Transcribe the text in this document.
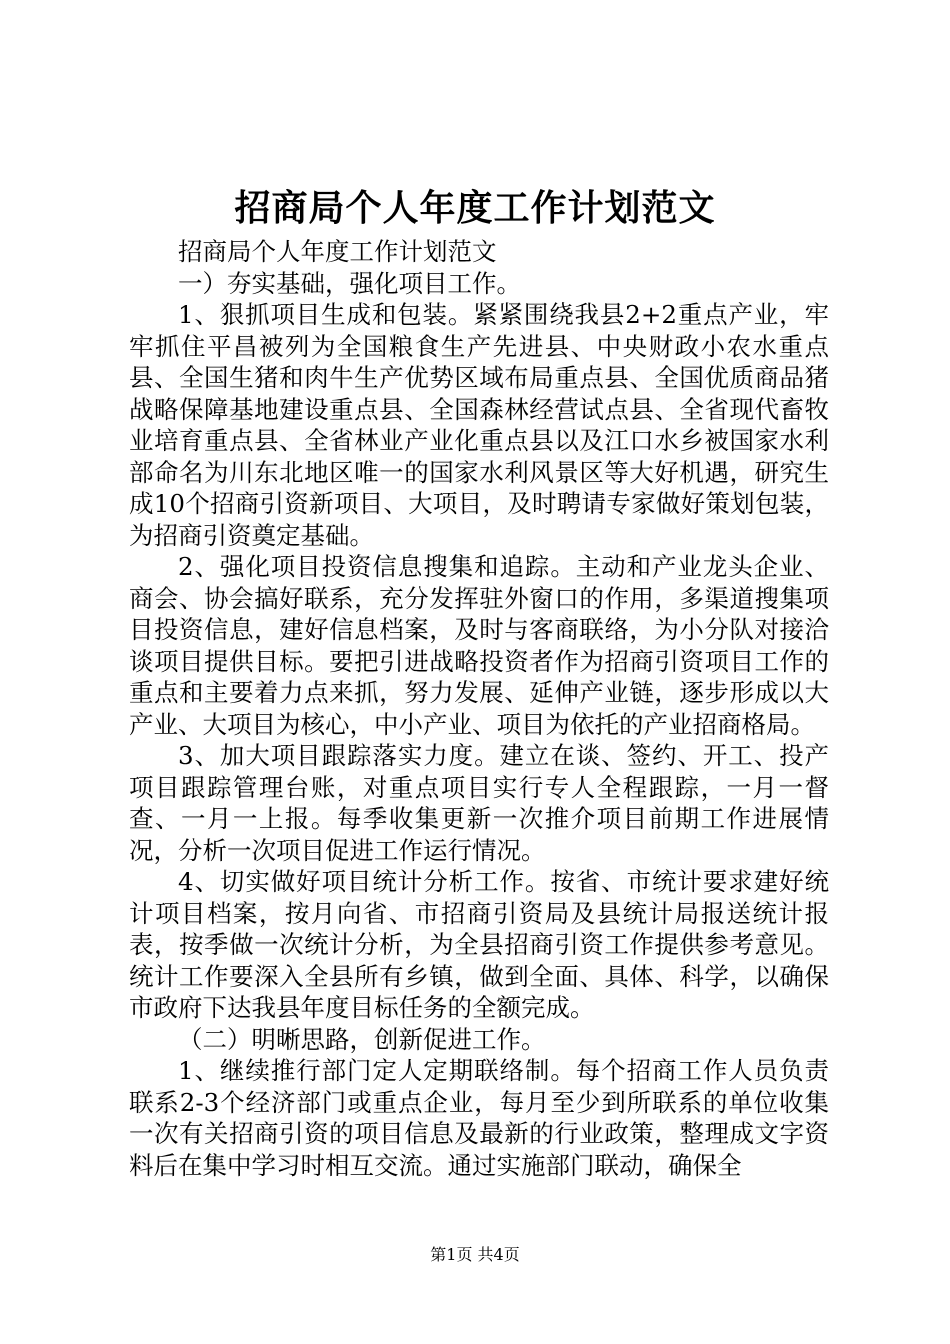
招商局个人年度工作计划范文

招商局个人年度工作计划范文

一）夯实基础，强化项目工作。

1、狠抓项目生成和包装。紧紧围绕我县2+2重点产业，牢牢抓住平昌被列为全国粮食生产先进县、中央财政小农水重点县、全国生猪和肉牛生产优势区域布局重点县、全国优质商品猪战略保障基地建设重点县、全国森林经营试点县、全省现代畜牧业培育重点县、全省林业产业化重点县以及江口水乡被国家水利部命名为川东北地区唯一的国家水利风景区等大好机遇，研究生成10个招商引资新项目、大项目，及时聘请专家做好策划包装，为招商引资奠定基础。

2、强化项目投资信息搜集和追踪。主动和产业龙头企业、商会、协会搞好联系，充分发挥驻外窗口的作用，多渠道搜集项目投资信息，建好信息档案，及时与客商联络，为小分队对接洽谈项目提供目标。要把引进战略投资者作为招商引资项目工作的重点和主要着力点来抓，努力发展、延伸产业链，逐步形成以大产业、大项目为核心，中小产业、项目为依托的产业招商格局。

3、加大项目跟踪落实力度。建立在谈、签约、开工、投产项目跟踪管理台账，对重点项目实行专人全程跟踪，一月一督查、一月一上报。每季收集更新一次推介项目前期工作进展情况，分析一次项目促进工作运行情况。

4、切实做好项目统计分析工作。按省、市统计要求建好统计项目档案，按月向省、市招商引资局及县统计局报送统计报表，按季做一次统计分析，为全县招商引资工作提供参考意见。统计工作要深入全县所有乡镇，做到全面、具体、科学，以确保市政府下达我县年度目标任务的全额完成。

（二）明晰思路，创新促进工作。

1、继续推行部门定人定期联络制。每个招商工作人员负责联系2-3个经济部门或重点企业，每月至少到所联系的单位收集一次有关招商引资的项目信息及最新的行业政策，整理成文字资料后在集中学习时相互交流。通过实施部门联动，确保全

第1页 共4页
